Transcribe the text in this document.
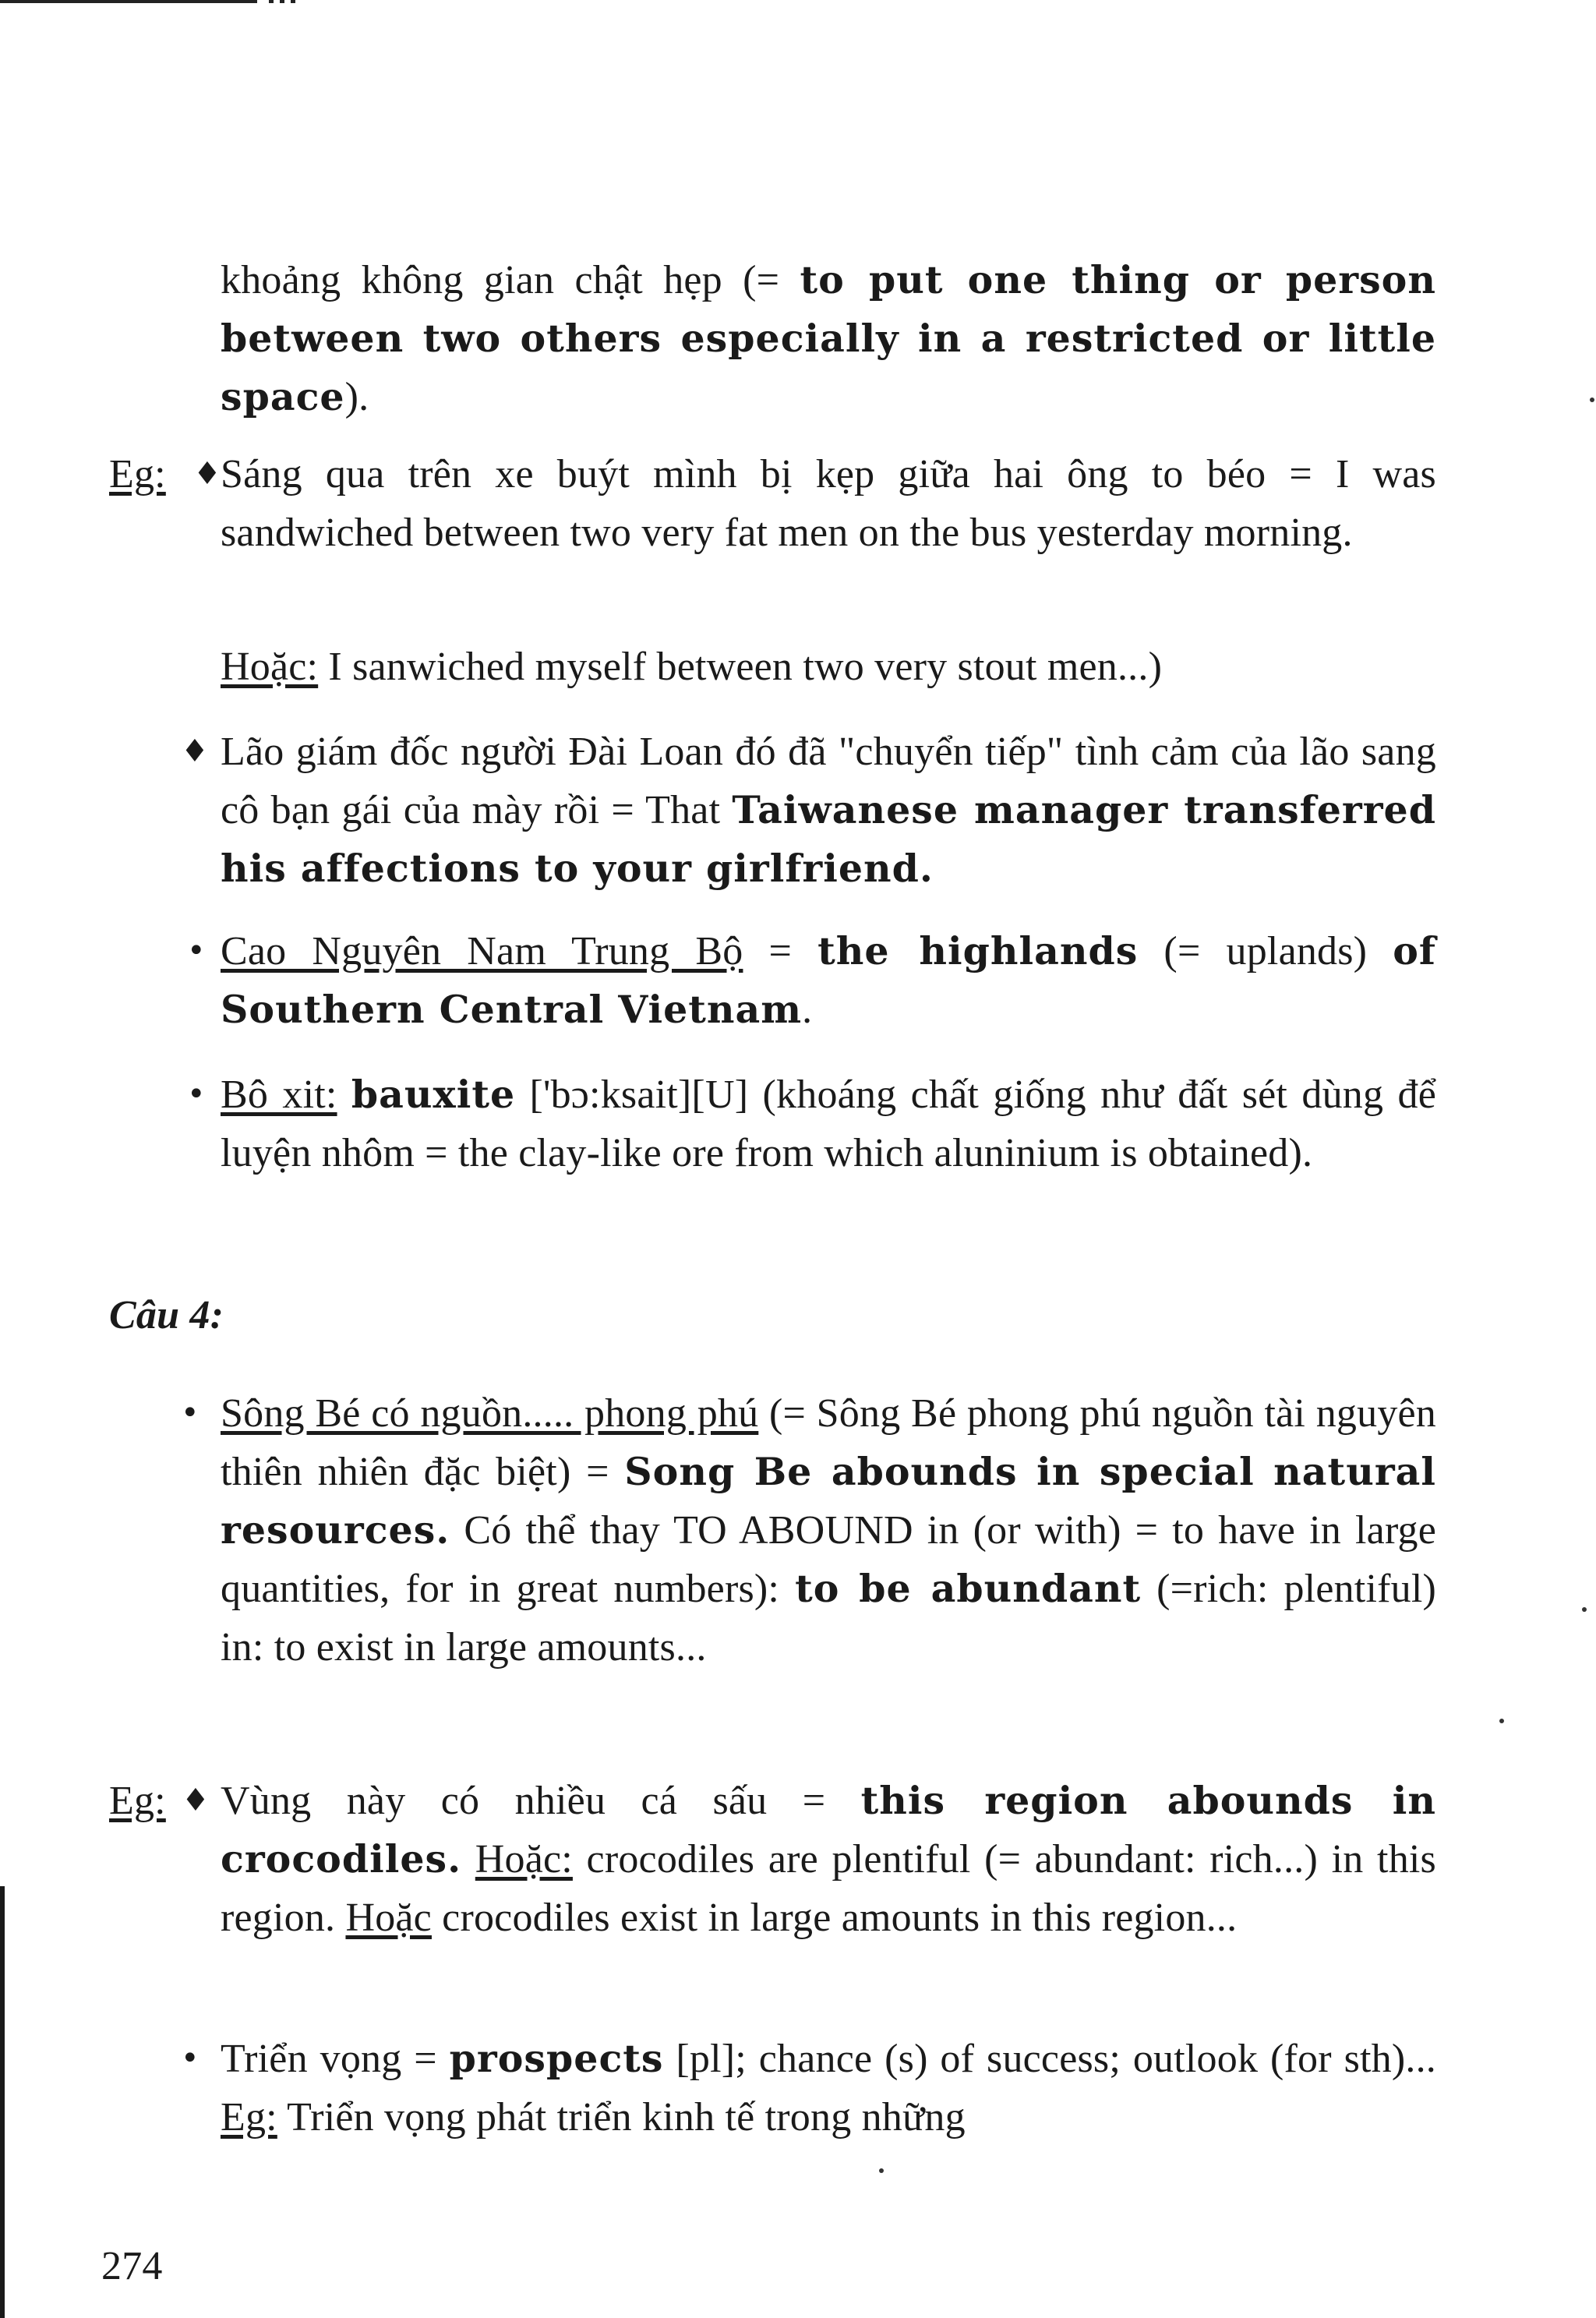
khoảng không gian chật hẹp (= to put one thing or person between two others especially in a restricted or little space).

Eg: ♦ Sáng qua trên xe buýt mình bị kẹp giữa hai ông to béo = I was sandwiched between two very fat men on the bus yesterday morning.

Hoặc: I sanwiched myself between two very stout men...)

♦ Lão giám đốc người Đài Loan đó đã "chuyển tiếp" tình cảm của lão sang cô bạn gái của mày rồi = That Taiwanese manager transferred his affections to your girlfriend.

• Cao Nguyên Nam Trung Bộ = the highlands (= uplands) of Southern Central Vietnam.

• Bô xit: bauxite ['bɔ:ksait][U] (khoáng chất giống như đất sét dùng để luyện nhôm = the clay-like ore from which aluninium is obtained).

Câu 4:
• Sông Bé có nguồn..... phong phú (= Sông Bé phong phú nguồn tài nguyên thiên nhiên đặc biệt) = Song Be abounds in special natural resources. Có thể thay TO ABOUND in (or with) = to have in large quantities, for in great numbers): to be abundant (=rich: plentiful) in: to exist in large amounts...

Eg: ♦ Vùng này có nhiều cá sấu = this region abounds in crocodiles. Hoặc: crocodiles are plentiful (= abundant: rich...) in this region. Hoặc crocodiles exist in large amounts in this region...

• Triển vọng = prospects [pl]; chance (s) of success; outlook (for sth)... Eg: Triển vọng phát triển kinh tế trong những

274
